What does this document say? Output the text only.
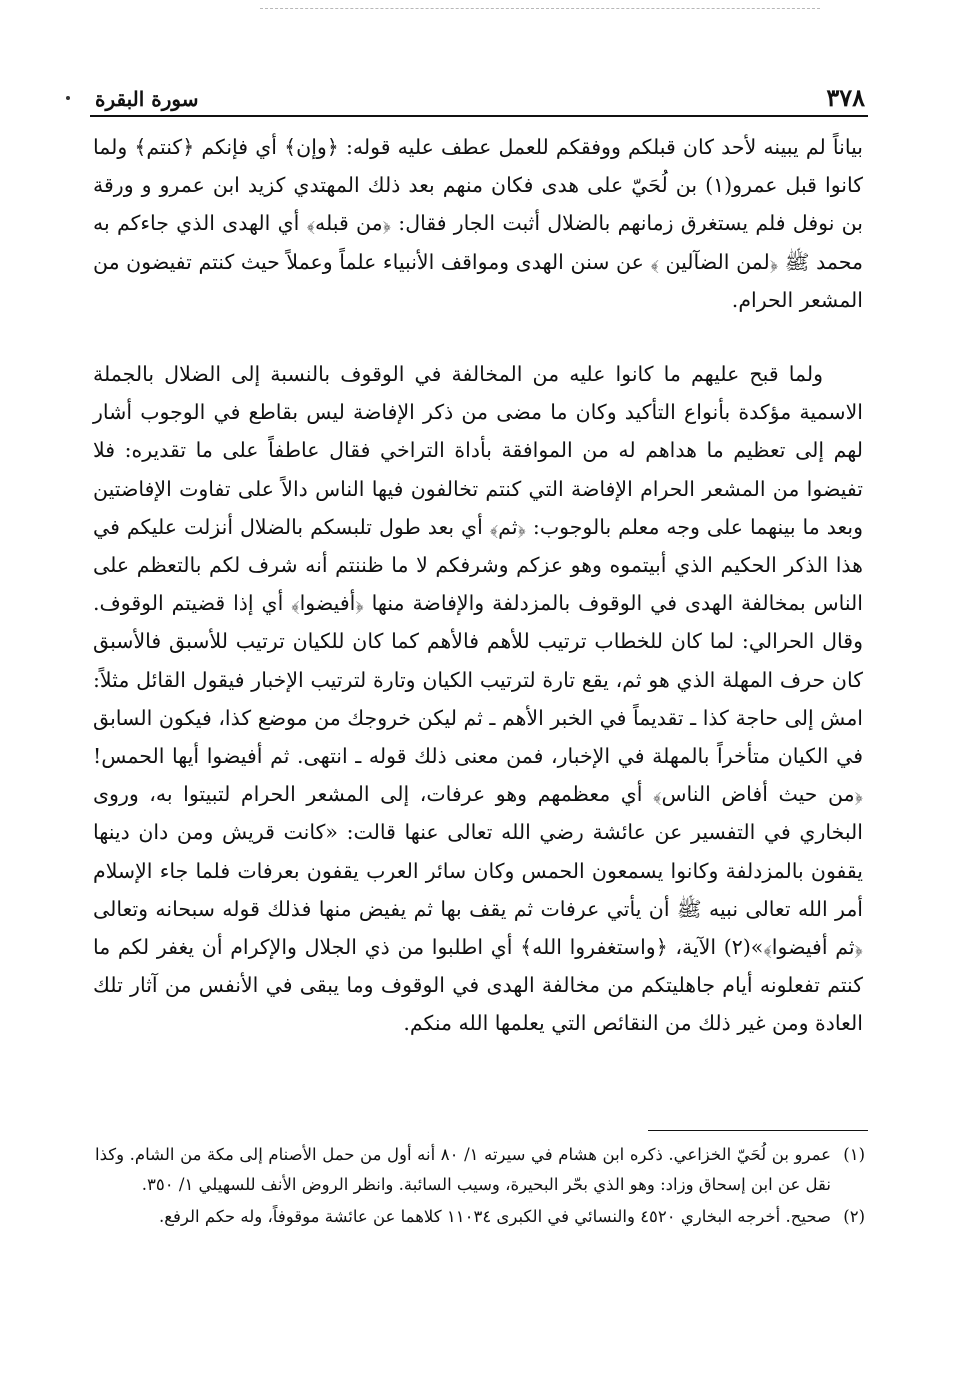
٣٧٨
سورة البقرة

بياناً لم يبينه لأحد كان قبلكم ووفقكم للعمل عطف عليه قوله: ﴿وإن﴾ أي فإنكم ﴿كنتم﴾ ولما كانوا قبل عمرو(١) بن لُحَيّ على هدى فكان منهم بعد ذلك المهتدي كزيد ابن عمرو و ورقة بن نوفل فلم يستغرق زمانهم بالضلال أثبت الجار فقال: ﴿من قبله﴾ أي الهدى الذي جاءكم به محمد ﷺ ﴿لمن الضآلين ﴾ عن سنن الهدى ومواقف الأنبياء علماً وعملاً حيث كنتم تفيضون من المشعر الحرام.

ولما قبح عليهم ما كانوا عليه من المخالفة في الوقوف بالنسبة إلى الضلال بالجملة الاسمية مؤكدة بأنواع التأكيد وكان ما مضى من ذكر الإفاضة ليس بقاطع في الوجوب أشار لهم إلى تعظيم ما هداهم له من الموافقة بأداة التراخي فقال عاطفاً على ما تقديره: فلا تفيضوا من المشعر الحرام الإفاضة التي كنتم تخالفون فيها الناس دالاً على تفاوت الإفاضتين وبعد ما بينهما على وجه معلم بالوجوب: ﴿ثم﴾ أي بعد طول تلبسكم بالضلال أنزلت عليكم في هذا الذكر الحكيم الذي أبيتموه وهو عزكم وشرفكم لا ما ظننتم أنه شرف لكم بالتعظم على الناس بمخالفة الهدى في الوقوف بالمزدلفة والإفاضة منها ﴿أفيضوا﴾ أي إذا قضيتم الوقوف. وقال الحرالي: لما كان للخطاب ترتيب للأهم فالأهم كما كان للكيان ترتيب للأسبق فالأسبق كان حرف المهلة الذي هو ثم، يقع تارة لترتيب الكيان وتارة لترتيب الإخبار فيقول القائل مثلاً: امش إلى حاجة كذا ـ تقديماً في الخبر الأهم ـ ثم ليكن خروجك من موضع كذا، فيكون السابق في الكيان متأخراً بالمهلة في الإخبار، فمن معنى ذلك قوله ـ انتهى. ثم أفيضوا أيها الحمس! ﴿من حيث أفاض الناس﴾ أي معظمهم وهو عرفات، إلى المشعر الحرام لتبيتوا به، وروى البخاري في التفسير عن عائشة رضي الله تعالى عنها قالت: «كانت قريش ومن دان دينها يقفون بالمزدلفة وكانوا يسمعون الحمس وكان سائر العرب يقفون بعرفات فلما جاء الإسلام أمر الله تعالى نبيه ﷺ أن يأتي عرفات ثم يقف بها ثم يفيض منها فذلك قوله سبحانه وتعالى ﴿ثم أفيضوا﴾»(٢) الآية، ﴿واستغفروا الله﴾ أي اطلبوا من ذي الجلال والإكرام أن يغفر لكم ما كنتم تفعلونه أيام جاهليتكم من مخالفة الهدى في الوقوف وما يبقى في الأنفس من آثار تلك العادة ومن غير ذلك من النقائص التي يعلمها الله منكم.

(١)
عمرو بن لُحَيّ الخزاعي. ذكره ابن هشام في سيرته ١/ ٨٠ أنه أول من حمل الأصنام إلى مكة من الشام. وكذا نقل عن ابن إسحاق وزاد: وهو الذي بحّر البحيرة، وسيب السائبة. وانظر الروض الأنف للسهيلي ١/ ٣٥٠.
(٢)
صحيح. أخرجه البخاري ٤٥٢٠ والنسائي في الكبرى ١١٠٣٤ كلاهما عن عائشة موقوفاً، وله حكم الرفع.
